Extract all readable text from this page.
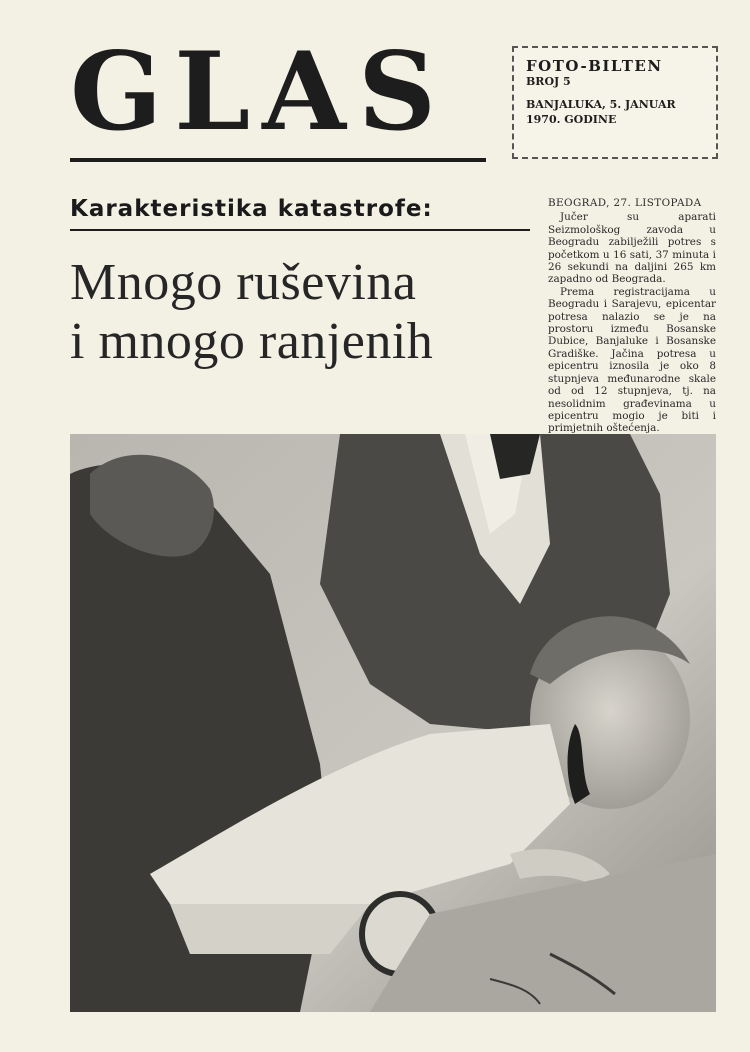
GLAS	FOTO-BILTEN
BROJ 5
BANJALUKA, 5. JANUAR
1970. GODINE
Karakteristika katastrofe:
Mnogo ruševina
i mnogo ranjenih
BEOGRAD, 27. LISTOPADA

Jučer su aparati Seizmološkog zavoda u Beogradu zabilježili potres s početkom u 16 sati, 37 minuta i 26 sekundi na daljini 265 km zapadno od Beograda.

Prema registracijama u Beogradu i Sarajevu, epicentar potresa nalazio se je na prostoru između Bosanske Dubice, Banjaluke i Bosanske Gradiške. Jačina potresa u epicentru iznosila je oko 8 stupnjeva međunarodne skale od od 12 stupnjeva, tj. na nesolidnim građevinama u epicentru mogio je biti i primjetnih oštećenja.
